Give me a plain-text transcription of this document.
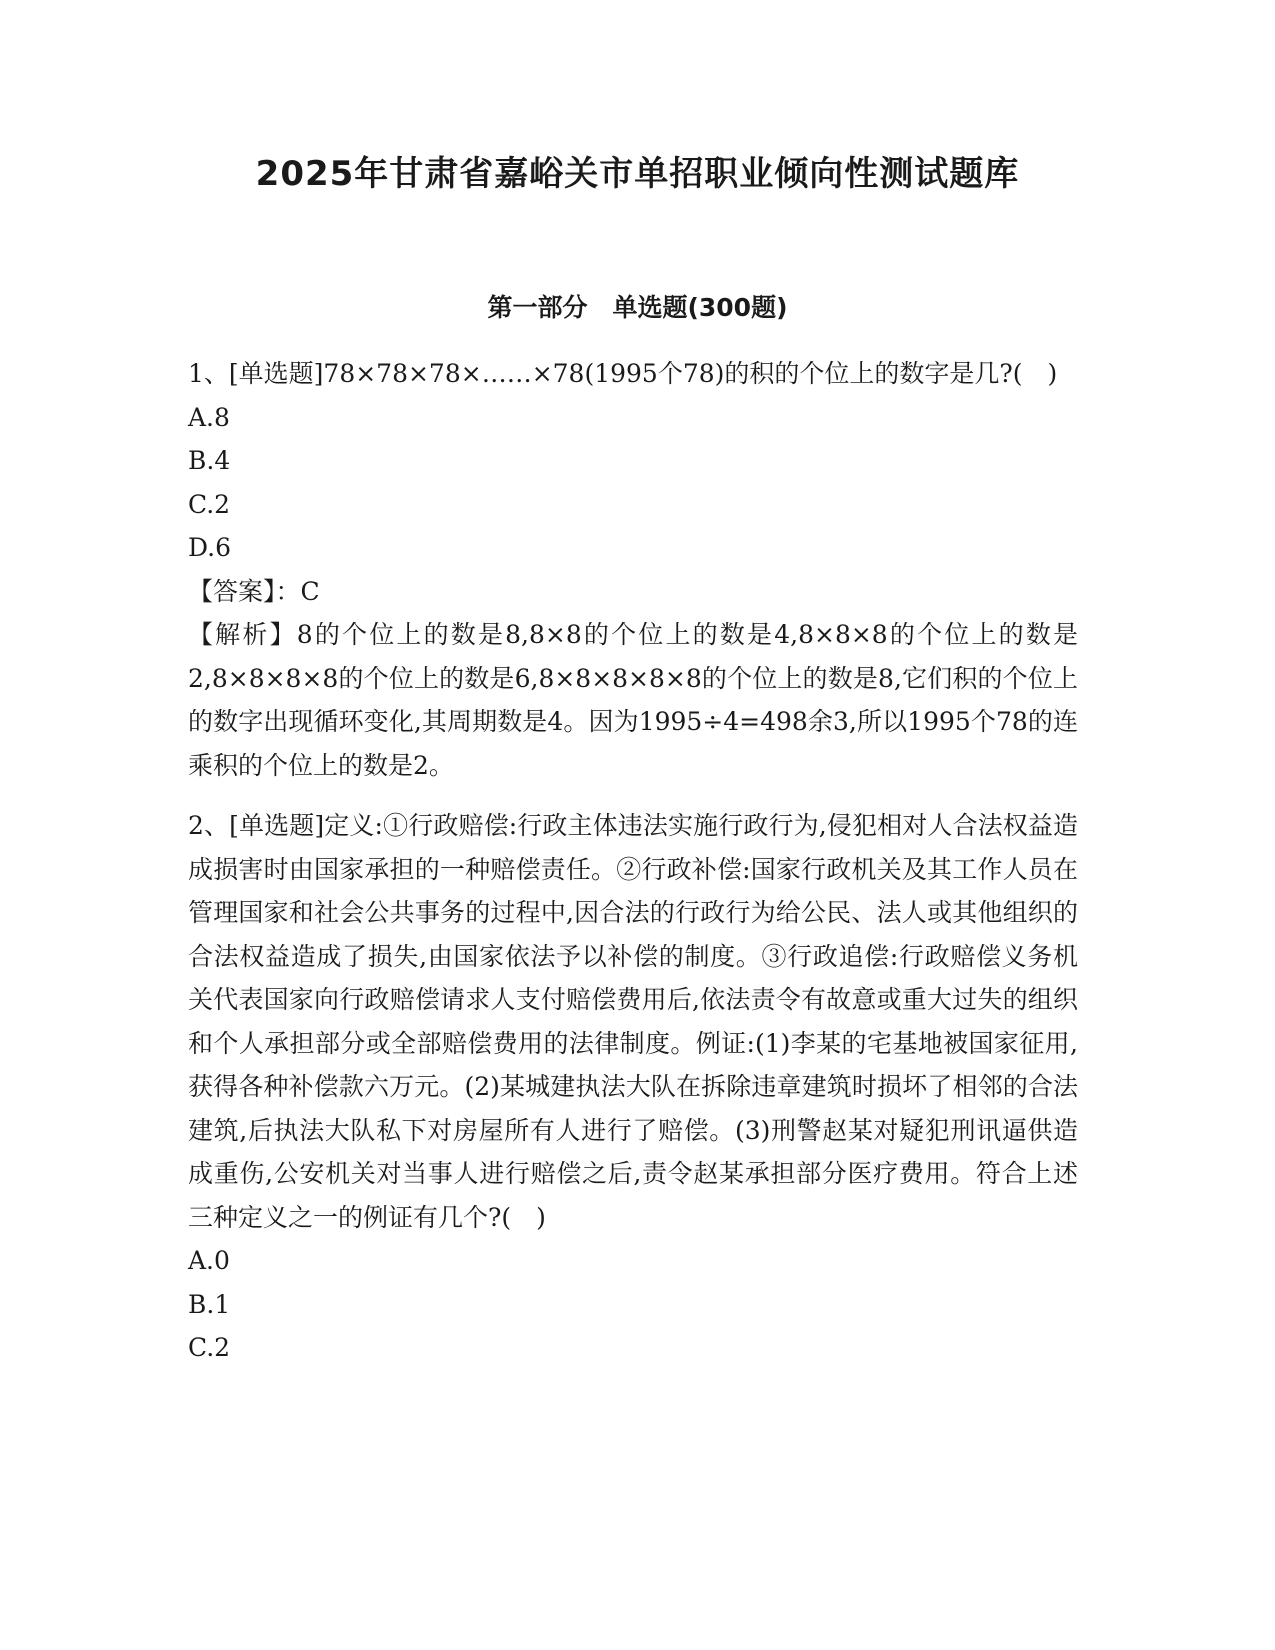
2025年甘肃省嘉峪关市单招职业倾向性测试题库
第一部分　单选题(300题)

1、[单选题]78×78×78×……×78(1995个78)的积的个位上的数字是几?(　)

A.8
B.4
C.2
D.6

【答案】：C

【解析】8的个位上的数是8,8×8的个位上的数是4,8×8×8的个位上的数是2,8×8×8×8的个位上的数是6,8×8×8×8×8的个位上的数是8,它们积的个位上的数字出现循环变化,其周期数是4。因为1995÷4=498余3,所以1995个78的连乘积的个位上的数是2。

2、[单选题]定义:①行政赔偿:行政主体违法实施行政行为,侵犯相对人合法权益造成损害时由国家承担的一种赔偿责任。②行政补偿:国家行政机关及其工作人员在管理国家和社会公共事务的过程中,因合法的行政行为给公民、法人或其他组织的合法权益造成了损失,由国家依法予以补偿的制度。③行政追偿:行政赔偿义务机关代表国家向行政赔偿请求人支付赔偿费用后,依法责令有故意或重大过失的组织和个人承担部分或全部赔偿费用的法律制度。例证:(1)李某的宅基地被国家征用,获得各种补偿款六万元。(2)某城建执法大队在拆除违章建筑时损坏了相邻的合法建筑,后执法大队私下对房屋所有人进行了赔偿。(3)刑警赵某对疑犯刑讯逼供造成重伤,公安机关对当事人进行赔偿之后,责令赵某承担部分医疗费用。符合上述三种定义之一的例证有几个?(　)

A.0
B.1
C.2
